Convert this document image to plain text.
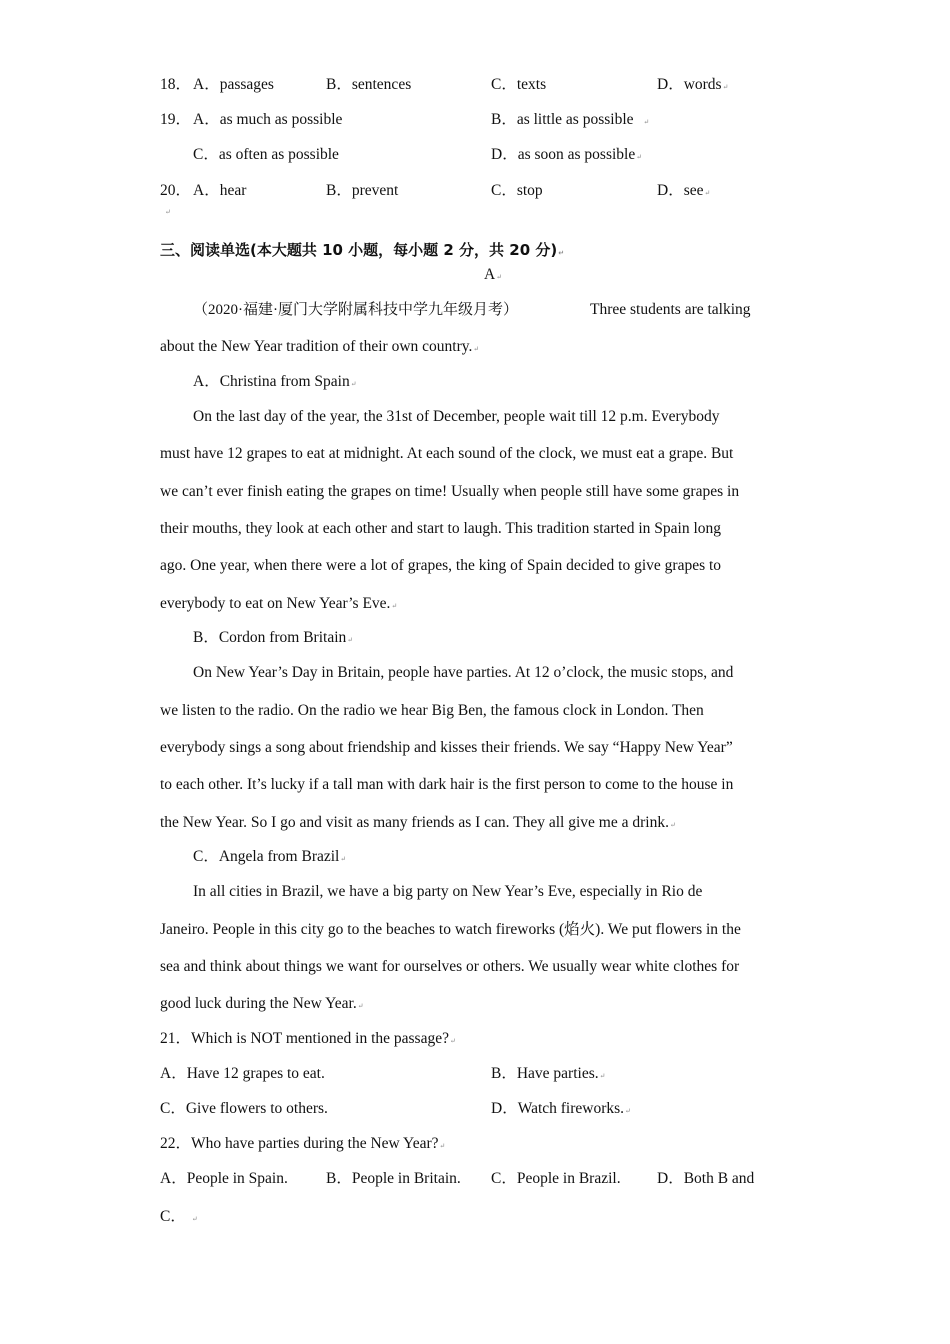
18． A．passages	B．sentences	C．texts	D．words↵
19． A．as much as possible	B．as little as possible ↵
C．as often as possible	D．as soon as possible↵
20． A．hear	B．prevent	C．stop	D．see↵
↵
三、阅读单选(本大题共 10 小题，每小题 2 分，共 20 分)↵
A↵
（2020·福建·厦门大学附属科技中学九年级月考）	Three students are talking
about the New Year tradition of their own country.↵
A．Christina from Spain↵
On the last day of the year, the 31st of December, people wait till 12 p.m. Everybody
must have 12 grapes to eat at midnight. At each sound of the clock, we must eat a grape. But
we can’t ever finish eating the grapes on time! Usually when people still have some grapes in
their mouths, they look at each other and start to laugh. This tradition started in Spain long
ago. One year, when there were a lot of grapes, the king of Spain decided to give grapes to
everybody to eat on New Year’s Eve.↵
B．Cordon from Britain↵
On New Year’s Day in Britain, people have parties. At 12 o’clock, the music stops, and
we listen to the radio. On the radio we hear Big Ben, the famous clock in London. Then
everybody sings a song about friendship and kisses their friends. We say “Happy New Year”
to each other. It’s lucky if a tall man with dark hair is the first person to come to the house in
the New Year. So I go and visit as many friends as I can. They all give me a drink.↵
C．Angela from Brazil↵
In all cities in Brazil, we have a big party on New Year’s Eve, especially in Rio de
Janeiro. People in this city go to the beaches to watch fireworks (焰火). We put flowers in the
sea and think about things we want for ourselves or others. We usually wear white clothes for
good luck during the New Year.↵
21．Which is NOT mentioned in the passage?↵
A．Have 12 grapes to eat.	B．Have parties.↵
C．Give flowers to others.	D．Watch fireworks.↵
22．Who have parties during the New Year?↵
A．People in Spain. B．People in Britain. C．People in Brazil. D．Both B and
C． ↵
